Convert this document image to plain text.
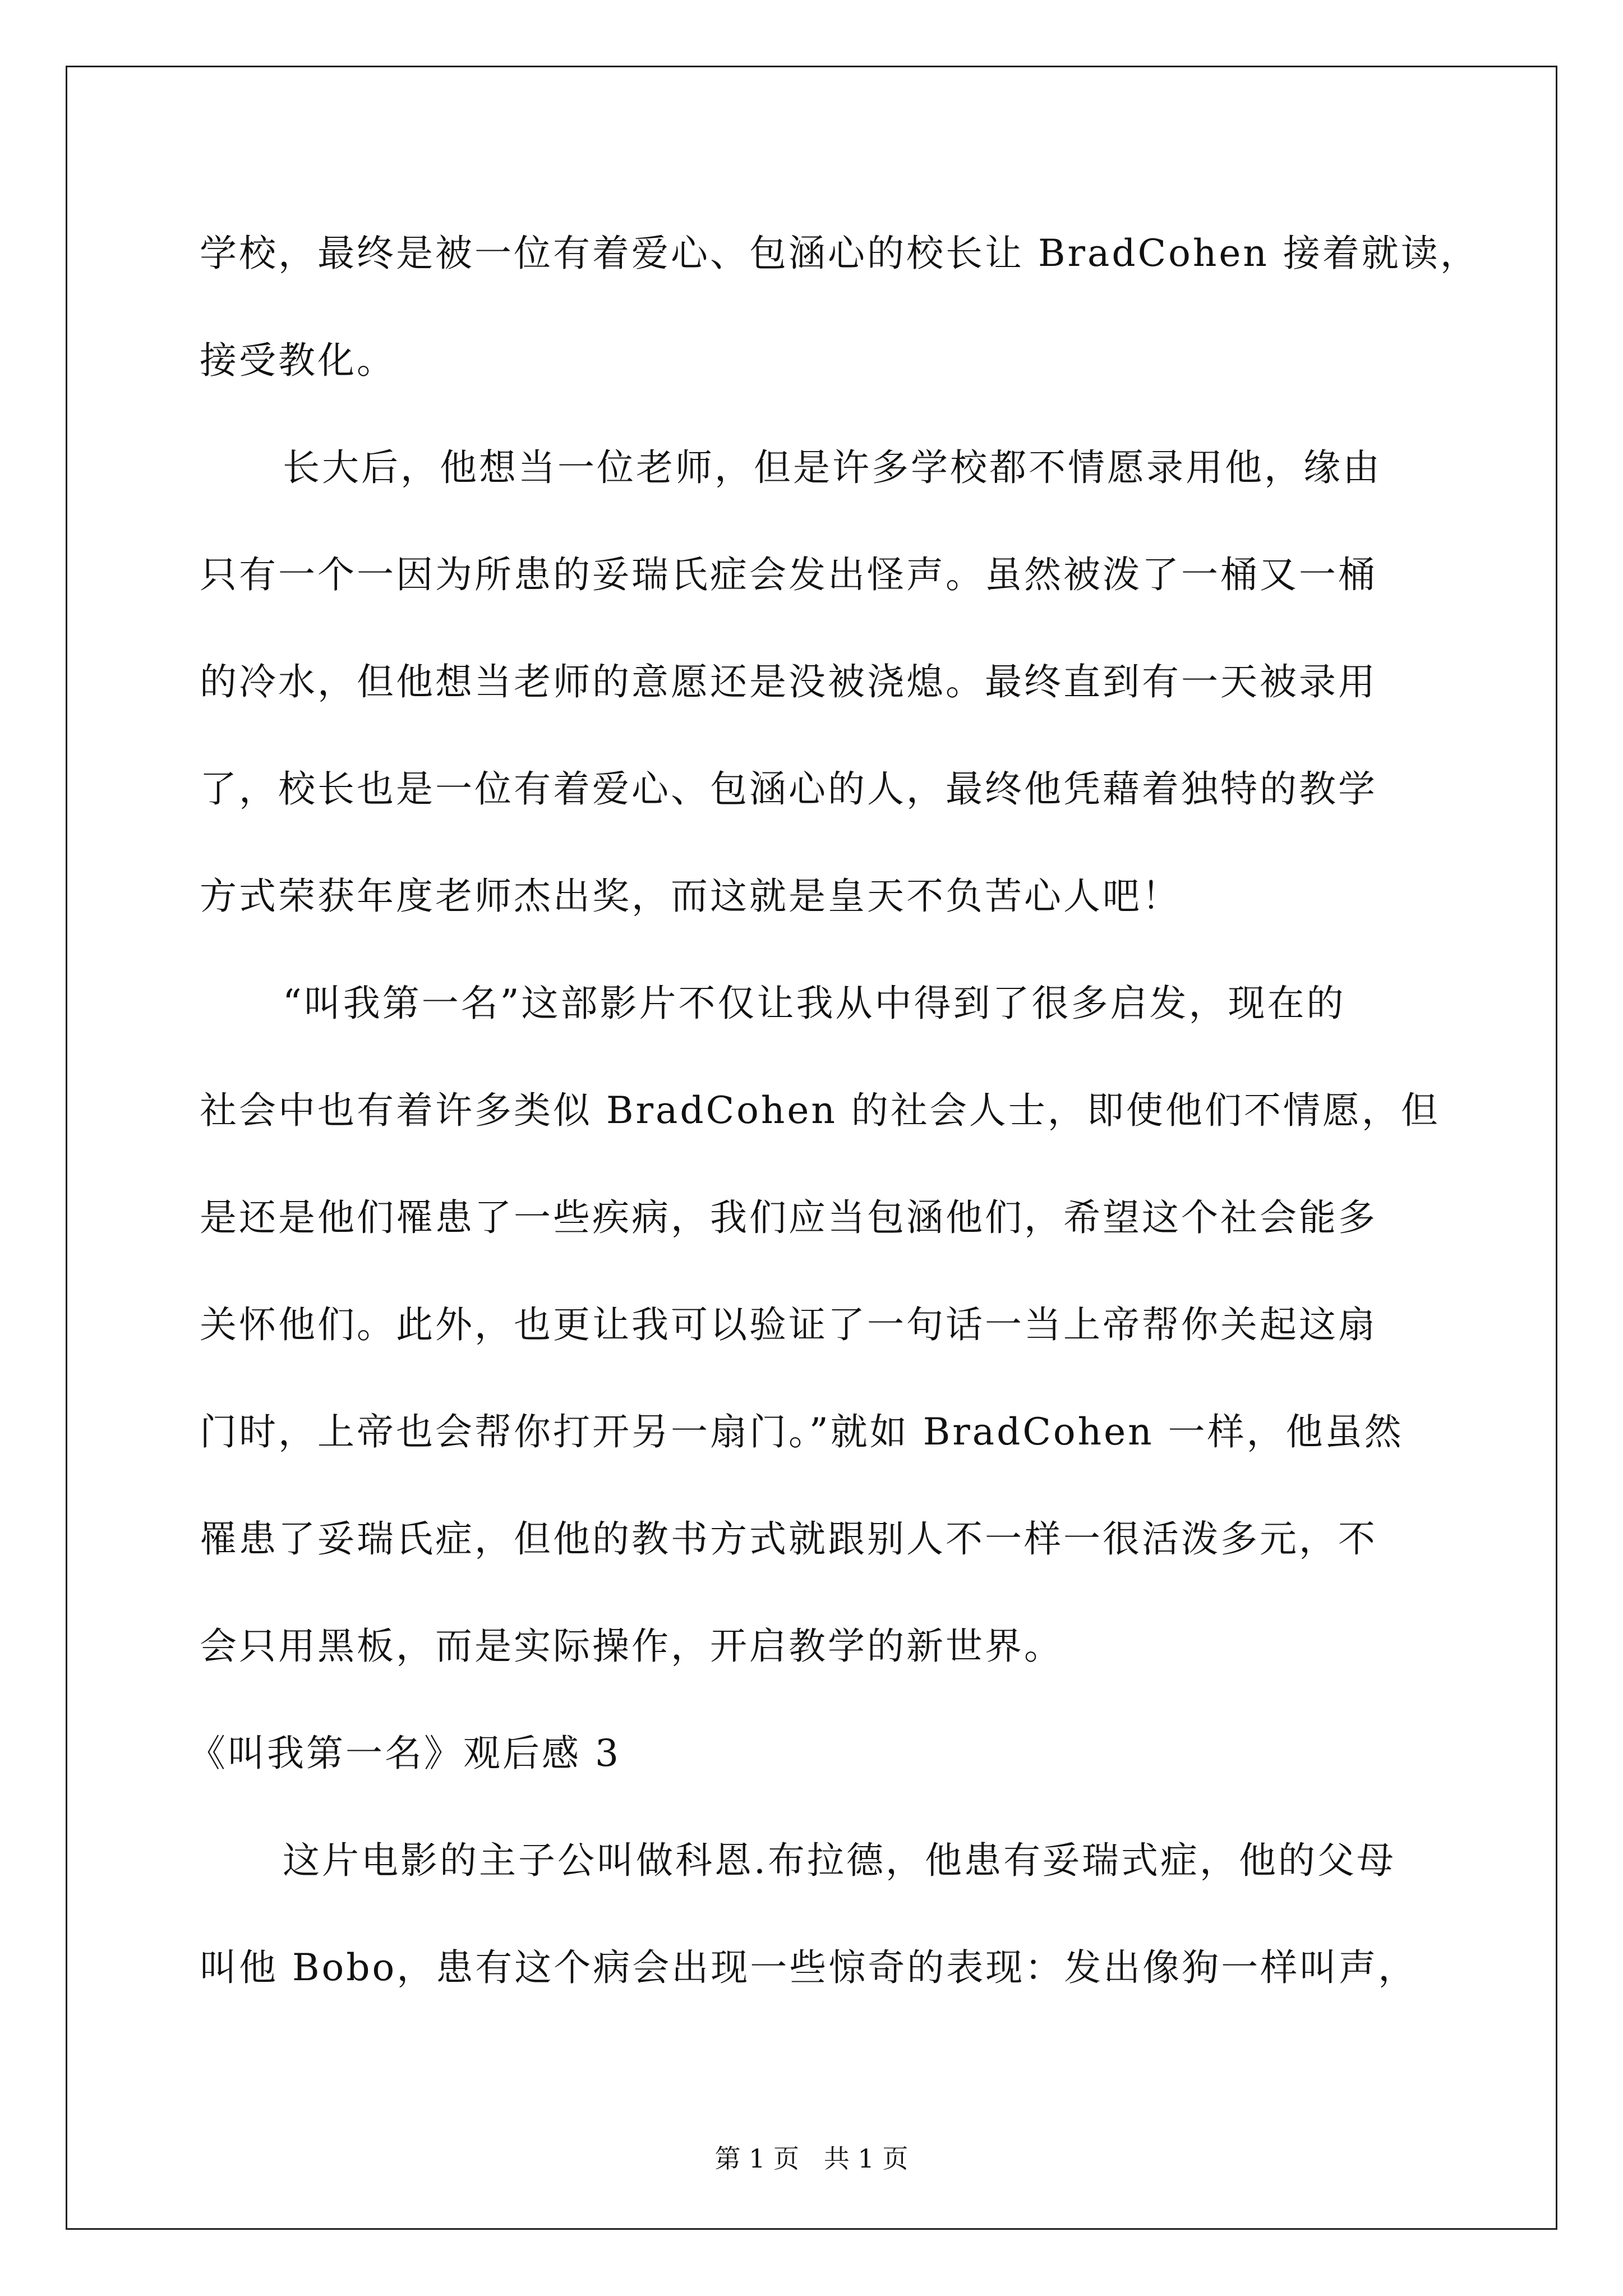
学校，最终是被一位有着爱心、包涵心的校长让 BradCohen 接着就读，
接受教化。
长大后，他想当一位老师，但是许多学校都不情愿录用他，缘由
只有一个一因为所患的妥瑞氏症会发出怪声。虽然被泼了一桶又一桶
的冷水，但他想当老师的意愿还是没被浇熄。最终直到有一天被录用
了，校长也是一位有着爱心、包涵心的人，最终他凭藉着独特的教学
方式荣获年度老师杰出奖，而这就是皇天不负苦心人吧！
“叫我第一名”这部影片不仅让我从中得到了很多启发，现在的
社会中也有着许多类似 BradCohen 的社会人士，即使他们不情愿，但
是还是他们罹患了一些疾病，我们应当包涵他们，希望这个社会能多
关怀他们。此外，也更让我可以验证了一句话一当上帝帮你关起这扇
门时，上帝也会帮你打开另一扇门。”就如 BradCohen 一样，他虽然
罹患了妥瑞氏症，但他的教书方式就跟别人不一样一很活泼多元，不
会只用黑板，而是实际操作，开启教学的新世界。
《叫我第一名》观后感 3
这片电影的主子公叫做科恩.布拉德，他患有妥瑞式症，他的父母
叫他 Bobo，患有这个病会出现一些惊奇的表现：发出像狗一样叫声，
第 1 页   共 1 页
